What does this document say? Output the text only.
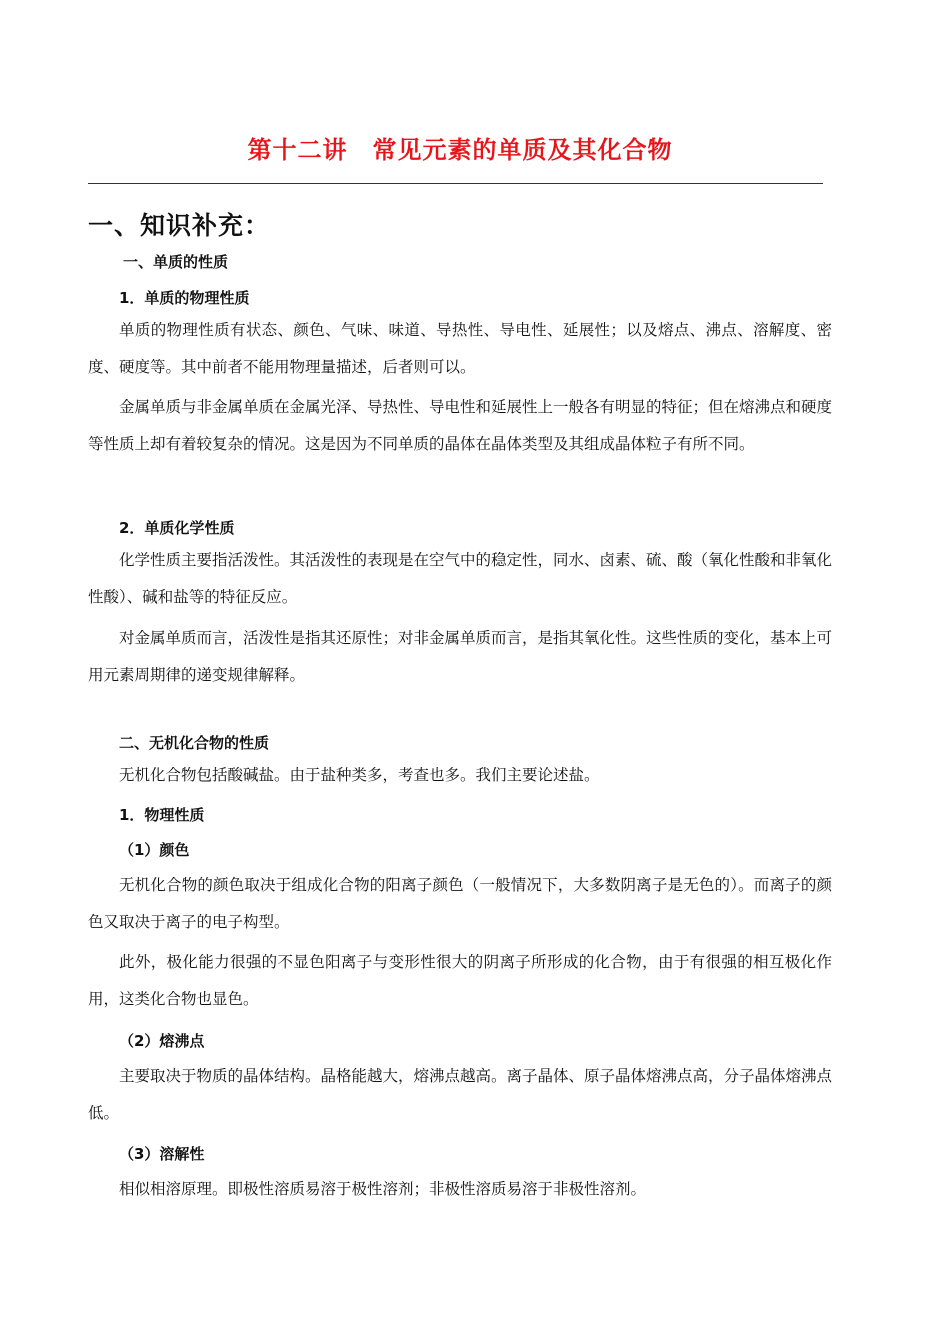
第十二讲　常见元素的单质及其化合物
一、知识补充：
一、单质的性质
1．单质的物理性质
单质的物理性质有状态、颜色、气味、味道、导热性、导电性、延展性；以及熔点、沸点、溶解度、密度、硬度等。其中前者不能用物理量描述，后者则可以。
金属单质与非金属单质在金属光泽、导热性、导电性和延展性上一般各有明显的特征；但在熔沸点和硬度等性质上却有着较复杂的情况。这是因为不同单质的晶体在晶体类型及其组成晶体粒子有所不同。
2．单质化学性质
化学性质主要指活泼性。其活泼性的表现是在空气中的稳定性，同水、卤素、硫、酸（氧化性酸和非氧化性酸）、碱和盐等的特征反应。
对金属单质而言，活泼性是指其还原性；对非金属单质而言，是指其氧化性。这些性质的变化，基本上可用元素周期律的递变规律解释。
二、无机化合物的性质
无机化合物包括酸碱盐。由于盐种类多，考查也多。我们主要论述盐。
1．物理性质
（1）颜色
无机化合物的颜色取决于组成化合物的阳离子颜色（一般情况下，大多数阴离子是无色的）。而离子的颜色又取决于离子的电子构型。
此外，极化能力很强的不显色阳离子与变形性很大的阴离子所形成的化合物，由于有很强的相互极化作用，这类化合物也显色。
（2）熔沸点
主要取决于物质的晶体结构。晶格能越大，熔沸点越高。离子晶体、原子晶体熔沸点高，分子晶体熔沸点低。
（3）溶解性
相似相溶原理。即极性溶质易溶于极性溶剂；非极性溶质易溶于非极性溶剂。
